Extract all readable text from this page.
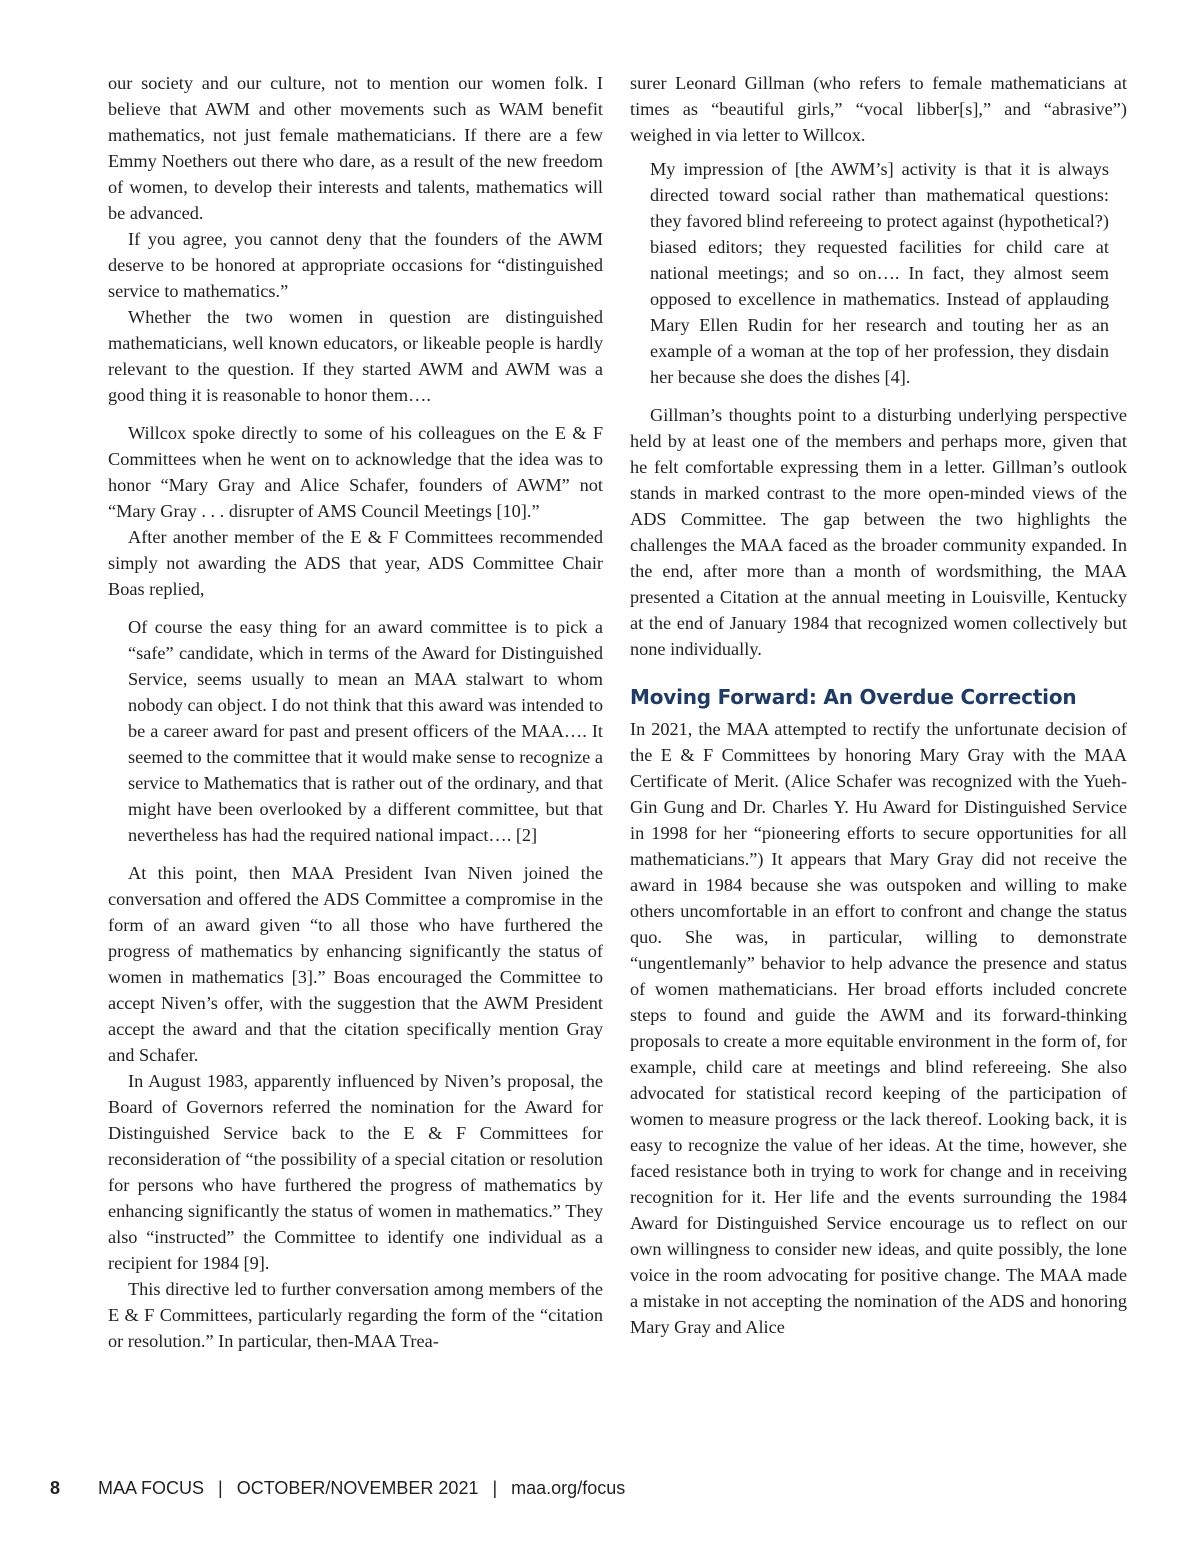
our society and our culture, not to mention our women folk. I believe that AWM and other movements such as WAM benefit mathematics, not just female mathematicians. If there are a few Emmy Noethers out there who dare, as a result of the new freedom of women, to develop their interests and talents, mathematics will be advanced.

If you agree, you cannot deny that the founders of the AWM deserve to be honored at appropriate occasions for “distinguished service to mathematics.”

Whether the two women in question are distinguished mathematicians, well known educators, or likeable people is hardly relevant to the question. If they started AWM and AWM was a good thing it is reasonable to honor them….

Willcox spoke directly to some of his colleagues on the E & F Committees when he went on to acknowledge that the idea was to honor “Mary Gray and Alice Schafer, founders of AWM” not “Mary Gray . . . disrupter of AMS Council Meetings [10].”

After another member of the E & F Committees recommended simply not awarding the ADS that year, ADS Committee Chair Boas replied,

Of course the easy thing for an award committee is to pick a “safe” candidate, which in terms of the Award for Distinguished Service, seems usually to mean an MAA stalwart to whom nobody can object. I do not think that this award was intended to be a career award for past and present officers of the MAA…. It seemed to the committee that it would make sense to recognize a service to Mathematics that is rather out of the ordinary, and that might have been overlooked by a different committee, but that nevertheless has had the required national impact…. [2]

At this point, then MAA President Ivan Niven joined the conversation and offered the ADS Committee a compromise in the form of an award given “to all those who have furthered the progress of mathematics by enhancing significantly the status of women in mathematics [3].” Boas encouraged the Committee to accept Niven’s offer, with the suggestion that the AWM President accept the award and that the citation specifically mention Gray and Schafer.

In August 1983, apparently influenced by Niven’s proposal, the Board of Governors referred the nomination for the Award for Distinguished Service back to the E & F Committees for reconsideration of “the possibility of a special citation or resolution for persons who have furthered the progress of mathematics by enhancing significantly the status of women in mathematics.” They also “instructed” the Committee to identify one individual as a recipient for 1984 [9].

This directive led to further conversation among members of the E & F Committees, particularly regarding the form of the “citation or resolution.” In particular, then-MAA Trea-

surer Leonard Gillman (who refers to female mathematicians at times as “beautiful girls,” “vocal libber[s],” and “abrasive”) weighed in via letter to Willcox.

My impression of [the AWM’s] activity is that it is always directed toward social rather than mathematical questions: they favored blind refereeing to protect against (hypothetical?) biased editors; they requested facilities for child care at national meetings; and so on…. In fact, they almost seem opposed to excellence in mathematics. Instead of applauding Mary Ellen Rudin for her research and touting her as an example of a woman at the top of her profession, they disdain her because she does the dishes [4].

Gillman’s thoughts point to a disturbing underlying perspective held by at least one of the members and perhaps more, given that he felt comfortable expressing them in a letter. Gillman’s outlook stands in marked contrast to the more open-minded views of the ADS Committee. The gap between the two highlights the challenges the MAA faced as the broader community expanded. In the end, after more than a month of wordsmithing, the MAA presented a Citation at the annual meeting in Louisville, Kentucky at the end of January 1984 that recognized women collectively but none individually.

Moving Forward: An Overdue Correction

In 2021, the MAA attempted to rectify the unfortunate decision of the E & F Committees by honoring Mary Gray with the MAA Certificate of Merit. (Alice Schafer was recognized with the Yueh-Gin Gung and Dr. Charles Y. Hu Award for Distinguished Service in 1998 for her “pioneering efforts to secure opportunities for all mathematicians.”) It appears that Mary Gray did not receive the award in 1984 because she was outspoken and willing to make others uncomfortable in an effort to confront and change the status quo. She was, in particular, willing to demonstrate “ungentlemanly” behavior to help advance the presence and status of women mathematicians. Her broad efforts included concrete steps to found and guide the AWM and its forward-thinking proposals to create a more equitable environment in the form of, for example, child care at meetings and blind refereeing. She also advocated for statistical record keeping of the participation of women to measure progress or the lack thereof. Looking back, it is easy to recognize the value of her ideas. At the time, however, she faced resistance both in trying to work for change and in receiving recognition for it. Her life and the events surrounding the 1984 Award for Distinguished Service encourage us to reflect on our own willingness to consider new ideas, and quite possibly, the lone voice in the room advocating for positive change. The MAA made a mistake in not accepting the nomination of the ADS and honoring Mary Gray and Alice

8 MAA FOCUS | OCTOBER/NOVEMBER 2021 | maa.org/focus
